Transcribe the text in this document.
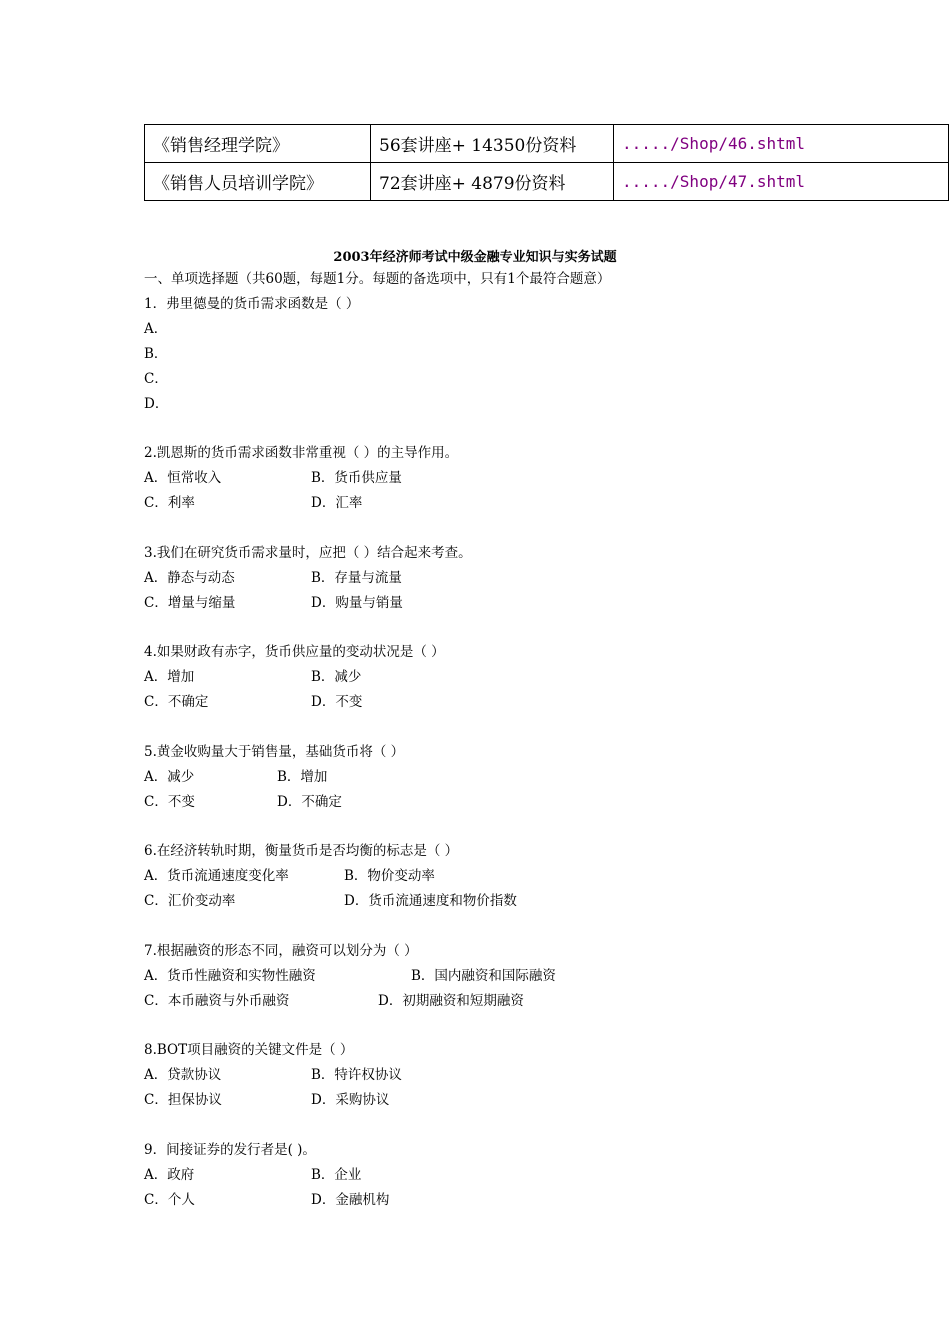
《销售经理学院》	56套讲座+ 14350份资料	...../Shop/46.shtml
《销售人员培训学院》	72套讲座+ 4879份资料	...../Shop/47.shtml
2003年经济师考试中级金融专业知识与实务试题
一、单项选择题（共60题，每题1分。每题的备选项中，只有1个最符合题意）
1．弗里德曼的货币需求函数是（ ）
A．
B．
C．
D．
2.凯恩斯的货币需求函数非常重视（ ）的主导作用。
A．恒常收入	B．货币供应量
C．利率	D．汇率
3.我们在研究货币需求量时，应把（ ）结合起来考查。
A．静态与动态	B．存量与流量
C．增量与缩量	D．购量与销量
4.如果财政有赤字，货币供应量的变动状况是（ ）
A．增加	B．减少
C．不确定	D．不变
5.黄金收购量大于销售量，基础货币将（ ）
A．减少	B．增加
C．不变	D．不确定
6.在经济转轨时期，衡量货币是否均衡的标志是（ ）
A．货币流通速度变化率	B．物价变动率
C．汇价变动率	D．货币流通速度和物价指数
7.根据融资的形态不同，融资可以划分为（ ）
A．货币性融资和实物性融资	B．国内融资和国际融资
C．本币融资与外币融资	D．初期融资和短期融资
8.BOT项目融资的关键文件是（ ）
A．贷款协议	B．特许权协议
C．担保协议	D．采购协议
9．间接证券的发行者是( )。
A．政府	B．企业
C．个人	D．金融机构
